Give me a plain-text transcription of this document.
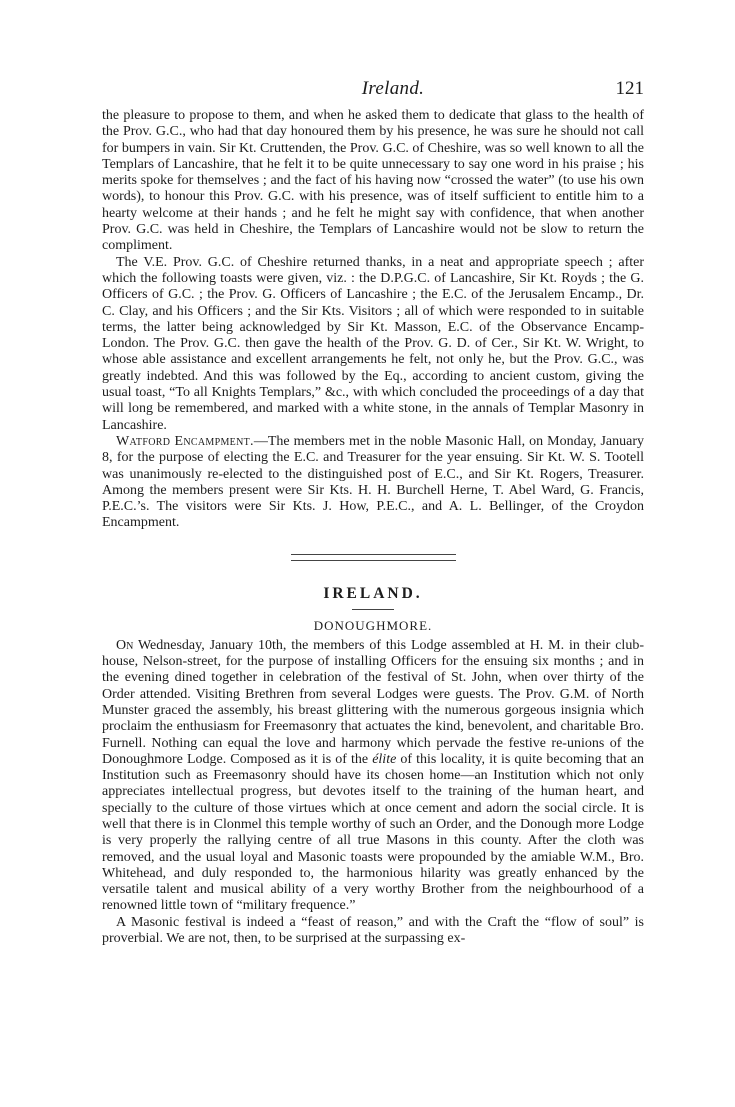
Ireland.	121

the pleasure to propose to them, and when he asked them to dedicate that glass to the health of the Prov. G.C., who had that day honoured them by his presence, he was sure he should not call for bumpers in vain. Sir Kt. Cruttenden, the Prov. G.C. of Cheshire, was so well known to all the Templars of Lancashire, that he felt it to be quite unnecessary to say one word in his praise ; his merits spoke for themselves ; and the fact of his having now “crossed the water” (to use his own words), to honour this Prov. G.C. with his presence, was of itself sufficient to entitle him to a hearty welcome at their hands ; and he felt he might say with confidence, that when another Prov. G.C. was held in Cheshire, the Templars of Lancashire would not be slow to return the compliment.

The V.E. Prov. G.C. of Cheshire returned thanks, in a neat and appropriate speech ; after which the following toasts were given, viz. : the D.P.G.C. of Lancashire, Sir Kt. Royds ; the G. Officers of G.C. ; the Prov. G. Officers of Lancashire ; the E.C. of the Jerusalem Encamp., Dr. C. Clay, and his Officers ; and the Sir Kts. Visitors ; all of which were responded to in suitable terms, the latter being acknowledged by Sir Kt. Masson, E.C. of the Observance Encamp-London. The Prov. G.C. then gave the health of the Prov. G. D. of Cer., Sir Kt. W. Wright, to whose able assistance and excellent arrangements he felt, not only he, but the Prov. G.C., was greatly indebted. And this was followed by the Eq., according to ancient custom, giving the usual toast, “To all Knights Templars,” &c., with which concluded the proceedings of a day that will long be remembered, and marked with a white stone, in the annals of Templar Masonry in Lancashire.

Watford Encampment.—The members met in the noble Masonic Hall, on Monday, January 8, for the purpose of electing the E.C. and Treasurer for the year ensuing. Sir Kt. W. S. Tootell was unanimously re-elected to the distinguished post of E.C., and Sir Kt. Rogers, Treasurer. Among the members present were Sir Kts. H. H. Burchell Herne, T. Abel Ward, G. Francis, P.E.C.’s. The visitors were Sir Kts. J. How, P.E.C., and A. L. Bellinger, of the Croydon Encampment.

IRELAND.
DONOUGHMORE.

On Wednesday, January 10th, the members of this Lodge assembled at H. M. in their club-house, Nelson-street, for the purpose of installing Officers for the ensuing six months ; and in the evening dined together in celebration of the festival of St. John, when over thirty of the Order attended. Visiting Brethren from several Lodges were guests. The Prov. G.M. of North Munster graced the assembly, his breast glittering with the numerous gorgeous insignia which proclaim the enthusiasm for Freemasonry that actuates the kind, benevolent, and charitable Bro. Furnell. Nothing can equal the love and harmony which pervade the festive re-unions of the Donoughmore Lodge. Composed as it is of the élite of this locality, it is quite becoming that an Institution such as Freemasonry should have its chosen home—an Institution which not only appreciates intellectual progress, but devotes itself to the training of the human heart, and specially to the culture of those virtues which at once cement and adorn the social circle. It is well that there is in Clonmel this temple worthy of such an Order, and the Donough more Lodge is very properly the rallying centre of all true Masons in this county. After the cloth was removed, and the usual loyal and Masonic toasts were propounded by the amiable W.M., Bro. Whitehead, and duly responded to, the harmonious hilarity was greatly enhanced by the versatile talent and musical ability of a very worthy Brother from the neighbourhood of a renowned little town of “military frequence.”

A Masonic festival is indeed a “feast of reason,” and with the Craft the “flow of soul” is proverbial. We are not, then, to be surprised at the surpassing ex-
